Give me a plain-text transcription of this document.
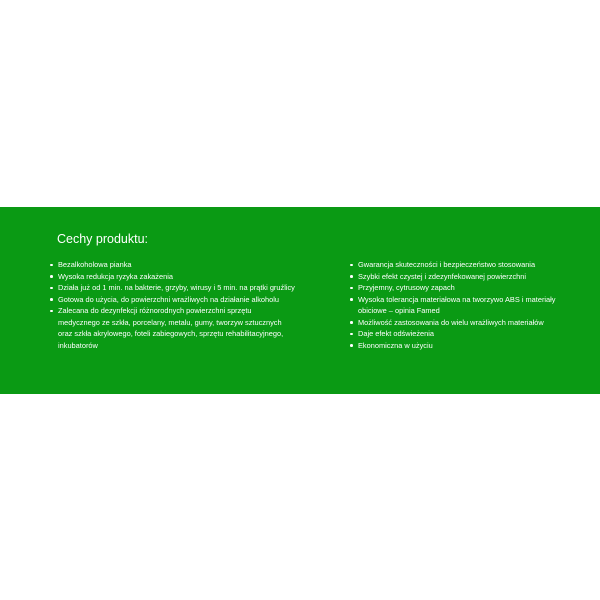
Cechy produktu:
Bezalkoholowa pianka
Wysoka redukcja ryzyka zakażenia
Działa już od 1 min. na bakterie, grzyby, wirusy i 5 min. na prątki gruźlicy
Gotowa do użycia, do powierzchni wrażliwych na działanie alkoholu
Zalecana do dezynfekcji różnorodnych powierzchni sprzętu medycznego ze szkła, porcelany, metalu, gumy, tworzyw sztucznych oraz szkła akrylowego, foteli zabiegowych, sprzętu rehabilitacyjnego, inkubatorów
Gwarancja skuteczności i bezpieczeństwo stosowania
Szybki efekt czystej i zdezynfekowanej powierzchni
Przyjemny, cytrusowy zapach
Wysoka tolerancja materiałowa na tworzywo ABS i materiały obiciowe – opinia Famed
Możliwość zastosowania do wielu wrażliwych materiałów
Daje efekt odświeżenia
Ekonomiczna w użyciu
